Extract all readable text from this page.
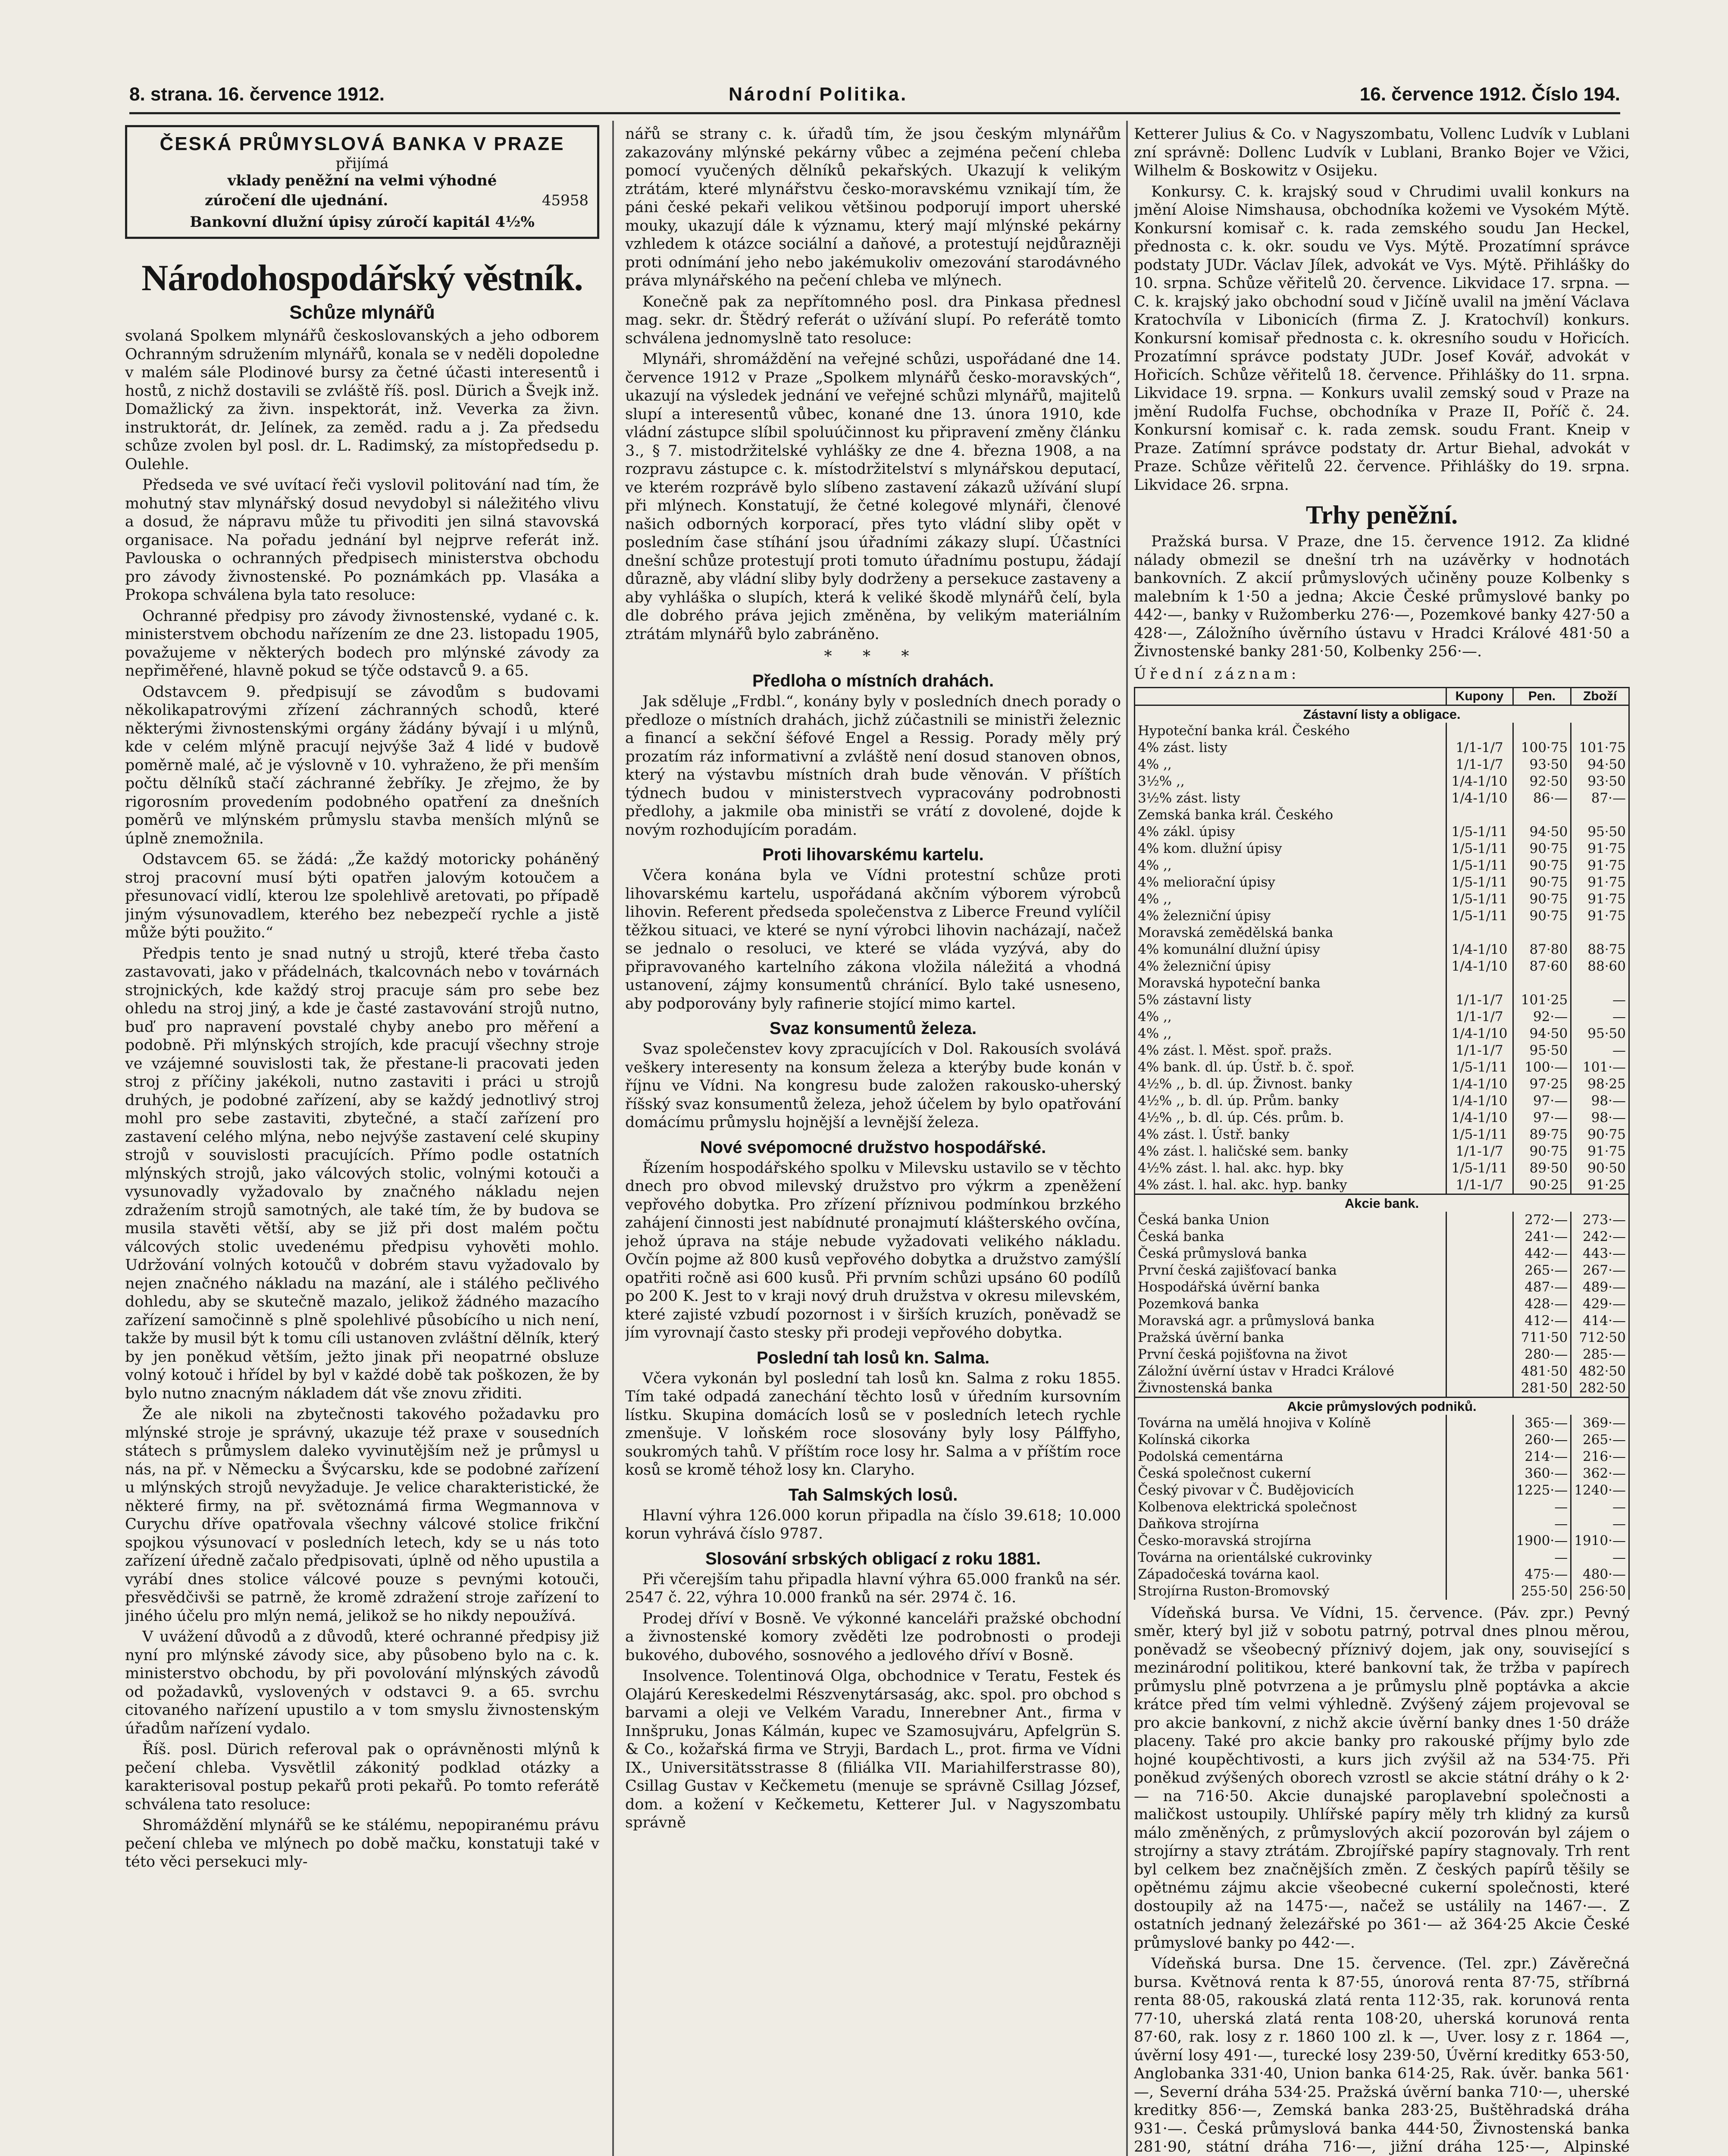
8. strana. 16. července 1912.	Národní Politika.	16. července 1912. Číslo 194.
ČESKÁ PRŮMYSLOVÁ BANKA V PRAZE
přijímá
vklady peněžní na velmi výhodné
zúročení dle ujednání.	45958
Bankovní dlužní úpisy zúročí kapitál 4½%
Národohospodářský věstník.
Schůze mlynářů

svolaná Spolkem mlynářů českoslovanských a jeho odborem Ochranným sdružením mlynářů, konala se v neděli dopoledne v malém sále Plodinové bursy za četné účasti interesentů i hostů, z nichž dostavili se zvláště říš. posl. Dürich a Švejk inž. Domažlický za živn. inspektorát, inž. Veverka za živn. instruktorát, dr. Jelínek, za zeměd. radu a j. Za předsedu schůze zvolen byl posl. dr. L. Radimský, za místopředsedu p. Oulehle.

Předseda ve své uvítací řeči vyslovil politování nad tím, že mohutný stav mlynářský dosud nevydobyl si náležitého vlivu a dosud, že nápravu může tu přivoditi jen silná stavovská organisace. Na pořadu jednání byl nejprve referát inž. Pavlouska o ochranných předpisech ministerstva obchodu pro závody živnostenské. Po poznámkách pp. Vlasáka a Prokopa schválena byla tato resoluce:

Ochranné předpisy pro závody živnostenské, vydané c. k. ministerstvem obchodu nařízením ze dne 23. listopadu 1905, považujeme v některých bodech pro mlýnské závody za nepřiměřené, hlavně pokud se týče odstavců 9. a 65.

Odstavcem 9. předpisují se závodům s budovami několikapatrovými zřízení záchranných schodů, které některými živnostenskými orgány žádány bývají i u mlýnů, kde v celém mlýně pracují nejvýše 3až 4 lidé v budově poměrně malé, ač je výslovně v 10. vyhraženo, že při menším počtu dělníků stačí záchranné žebříky. Je zřejmo, že by rigorosním provedením podobného opatření za dnešních poměrů ve mlýnském průmyslu stavba menších mlýnů se úplně znemožnila.

Odstavcem 65. se žádá: „Že každý motoricky poháněný stroj pracovní musí býti opatřen jalovým kotoučem a přesunovací vidlí, kterou lze spolehlivě aretovati, po případě jiným výsunovadlem, kterého bez nebezpečí rychle a jistě může býti použito.“

Předpis tento je snad nutný u strojů, které třeba často zastavovati, jako v přádelnách, tkalcovnách nebo v továrnách strojnických, kde každý stroj pracuje sám pro sebe bez ohledu na stroj jiný, a kde je časté zastavování strojů nutno, buď pro napravení povstalé chyby anebo pro měření a podobně. Při mlýnských strojích, kde pracují všechny stroje ve vzájemné souvislosti tak, že přestane-li pracovati jeden stroj z příčiny jakékoli, nutno zastaviti i práci u strojů druhých, je podobné zařízení, aby se každý jednotlivý stroj mohl pro sebe zastaviti, zbytečné, a stačí zařízení pro zastavení celého mlýna, nebo nejvýše zastavení celé skupiny strojů v souvislosti pracujících. Přímo podle ostatních mlýnských strojů, jako válcových stolic, volnými kotouči a vysunovadly vyžadovalo by značného nákladu nejen zdražením strojů samotných, ale také tím, že by budova se musila stavěti větší, aby se již při dost malém počtu válcových stolic uvedenému předpisu vyhověti mohlo. Udržování volných kotoučů v dobrém stavu vyžadovalo by nejen značného nákladu na mazání, ale i stálého pečlivého dohledu, aby se skutečně mazalo, jelikož žádného mazacího zařízení samočinně s plně spolehlivé působícího u nich není, takže by musil být k tomu cíli ustanoven zvláštní dělník, který by jen poněkud větším, ježto jinak při neopatrné obsluze volný kotouč i hřídel by byl v každé době tak poškozen, že by bylo nutno znacným nákladem dát vše znovu zřiditi.

Že ale nikoli na zbytečnosti takového požadavku pro mlýnské stroje je správný, ukazuje též praxe v sousedních státech s průmyslem daleko vyvinutějším než je průmysl u nás, na př. v Německu a Švýcarsku, kde se podobné zařízení u mlýnských strojů nevyžaduje. Je velice charakteristické, že některé firmy, na př. světoznámá firma Wegmannova v Curychu dříve opatřovala všechny válcové stolice frikční spojkou výsunovací v posledních letech, kdy se u nás toto zařízení úředně začalo předpisovati, úplně od něho upustila a vyrábí dnes stolice válcové pouze s pevnými kotouči, přesvědčivši se patrně, že kromě zdražení stroje zařízení to jiného účelu pro mlýn nemá, jelikož se ho nikdy nepoužívá.

V uvážení důvodů a z důvodů, které ochranné předpisy již nyní pro mlýnské závody sice, aby působeno bylo na c. k. ministerstvo obchodu, by při povolování mlýnských závodů od požadavků, vyslovených v odstavci 9. a 65. svrchu citovaného nařízení upustilo a v tom smyslu živnostenským úřadům nařízení vydalo.

Říš. posl. Dürich referoval pak o oprávněnosti mlýnů k pečení chleba. Vysvětlil zákonitý podklad otázky a karakterisoval postup pekařů proti pekařů. Po tomto referátě schválena tato resoluce:

Shromáždění mlynářů se ke stálému, nepopiranému právu pečení chleba ve mlýnech po době mačku, konstatuji také v této věci persekuci mly-

nářů se strany c. k. úřadů tím, že jsou českým mlynářům zakazovány mlýnské pekárny vůbec a zejména pečení chleba pomocí vyučených dělníků pekařských. Ukazují k velikým ztrátám, které mlynářstvu česko-moravskému vznikají tím, že páni české pekaři velikou většinou podporují import uherské mouky, ukazují dále k významu, který mají mlýnské pekárny vzhledem k otázce sociální a daňové, a protestují nejdůrazněji proti odnímání jeho nebo jakémukoliv omezování starodávného práva mlynářského na pečení chleba ve mlýnech.

Konečně pak za nepřítomného posl. dra Pinkasa přednesl mag. sekr. dr. Štědrý referát o užívání slupí. Po referátě tomto schválena jednomyslně tato resoluce:

Mlynáři, shromáždění na veřejné schůzi, uspořádané dne 14. července 1912 v Praze „Spolkem mlynářů česko-moravských“, ukazují na výsledek jednání ve veřejné schůzi mlynářů, majitelů slupí a interesentů vůbec, konané dne 13. února 1910, kde vládní zástupce slíbil spoluúčinnost ku připravení změny článku 3., § 7. mistodržitelské vyhlášky ze dne 4. března 1908, a na rozpravu zástupce c. k. místodržitelství s mlynářskou deputací, ve kterém rozprávě bylo slíbeno zastavení zákazů užívání slupí při mlýnech. Konstatují, že četné kolegové mlynáři, členové našich odborných korporací, přes tyto vládní sliby opět v posledním čase stíhání jsou úřadními zákazy slupí. Účastníci dnešní schůze protestují proti tomuto úřadnímu postupu, žádají důrazně, aby vládní sliby byly dodrženy a persekuce zastaveny a aby vyhláška o slupích, která k veliké škodě mlynářů čelí, byla dle dobrého práva jejich změněna, by velikým materiálním ztrátám mlynářů bylo zabráněno.

* * *
Předloha o místních drahách.

Jak sděluje „Frdbl.“, konány byly v posledních dnech porady o předloze o místních drahách, jichž zúčastnili se ministři železnic a financí a sekční šéfové Engel a Ressig. Porady měly prý prozatím ráz informativní a zvláště není dosud stanoven obnos, který na výstavbu místních drah bude věnován. V příštích týdnech budou v ministerstvech vypracovány podrobnosti předlohy, a jakmile oba ministři se vrátí z dovolené, dojde k novým rozhodujícím poradám.

Proti lihovarskému kartelu.

Včera konána byla ve Vídni protestní schůze proti lihovarskému kartelu, uspořádaná akčním výborem výrobců lihovin. Referent předseda společenstva z Liberce Freund vylíčil těžkou situaci, ve které se nyní výrobci lihovin nacházají, načež se jednalo o resoluci, ve které se vláda vyzývá, aby do připravovaného kartelního zákona vložila náležitá a vhodná ustanovení, zájmy konsumentů chránící. Bylo také usneseno, aby podporovány byly rafinerie stojící mimo kartel.

Svaz konsumentů železa.

Svaz společenstev kovy zpracujících v Dol. Rakousích svolává veškery interesenty na konsum železa a kterýby bude konán v říjnu ve Vídni. Na kongresu bude založen rakousko-uherský říšský svaz konsumentů železa, jehož účelem by bylo opatřování domácímu průmyslu hojnější a levnější železa.

Nové svépomocné družstvo hospodářské.

Řízením hospodářského spolku v Milevsku ustavilo se v těchto dnech pro obvod milevský družstvo pro výkrm a zpeněžení vepřového dobytka. Pro zřízení příznivou podmínkou brzkého zahájení činnosti jest nabídnuté pronajmutí klášterského ovčína, jehož úprava na stáje nebude vyžadovati velikého nákladu. Ovčín pojme až 800 kusů vepřového dobytka a družstvo zamýšlí opatřiti ročně asi 600 kusů. Při prvním schůzi upsáno 60 podílů po 200 K. Jest to v kraji nový druh družstva v okresu milevském, které zajisté vzbudí pozornost i v širších kruzích, poněvadž se jím vyrovnají často stesky při prodeji vepřového dobytka.

Poslední tah losů kn. Salma.

Včera vykonán byl poslední tah losů kn. Salma z roku 1855. Tím také odpadá zanechání těchto losů v úředním kursovním lístku. Skupina domácích losů se v posledních letech rychle zmenšuje. V loňském roce slosovány byly losy Pálffyho, soukromých tahů. V příštím roce losy hr. Salma a v příštím roce kosů se kromě téhož losy kn. Claryho.

Tah Salmských losů.

Hlavní výhra 126.000 korun připadla na číslo 39.618; 10.000 korun vyhrává číslo 9787.

Slosování srbských obligací z roku 1881.

Při včerejším tahu připadla hlavní výhra 65.000 franků na sér. 2547 č. 22, výhra 10.000 franků na sér. 2974 č. 16.

Prodej dříví v Bosně. Ve výkonné kanceláři pražské obchodní a živnostenské komory zvěděti lze podrobnosti o prodeji bukového, dubového, sosnového a jedlového dříví v Bosně.

Insolvence. Tolentinová Olga, obchodnice v Teratu, Festek és Olajárú Kereskedelmi Részvenytársaság, akc. spol. pro obchod s barvami a oleji ve Velkém Varadu, Innerebner Ant., firma v Innšpruku, Jonas Kálmán, kupec ve Szamosujváru, Apfelgrün S. & Co., kožařská firma ve Stryji, Bardach L., prot. firma ve Vídni IX., Universitätsstrasse 8 (filiálka VII. Mariahilferstrasse 80), Csillag Gustav v Kečkemetu (menuje se správně Csillag József, dom. a kožení v Kečkemetu, Ketterer Jul. v Nagyszombatu správně

Ketterer Julius & Co. v Nagyszombatu, Vollenc Ludvík v Lublani zní správně: Dollenc Ludvík v Lublani, Branko Bojer ve Vžici, Wilhelm & Boskowitz v Osijeku.

Konkursy. C. k. krajský soud v Chrudimi uvalil konkurs na jmění Aloise Nimshausa, obchodníka kožemi ve Vysokém Mýtě. Konkursní komisař c. k. rada zemského soudu Jan Heckel, přednosta c. k. okr. soudu ve Vys. Mýtě. Prozatímní správce podstaty JUDr. Václav Jílek, advokát ve Vys. Mýtě. Přihlášky do 10. srpna. Schůze věřitelů 20. července. Likvidace 17. srpna. — C. k. krajský jako obchodní soud v Jičíně uvalil na jmění Václava Kratochvíla v Libonicích (firma Z. J. Kratochvíl) konkurs. Konkursní komisař přednosta c. k. okresního soudu v Hořicích. Prozatímní správce podstaty JUDr. Josef Kovář, advokát v Hořicích. Schůze věřitelů 18. července. Přihlášky do 11. srpna. Likvidace 19. srpna. — Konkurs uvalil zemský soud v Praze na jmění Rudolfa Fuchse, obchodníka v Praze II, Poříč č. 24. Konkursní komisař c. k. rada zemsk. soudu Frant. Kneip v Praze. Zatímní správce podstaty dr. Artur Biehal, advokát v Praze. Schůze věřitelů 22. července. Přihlášky do 19. srpna. Likvidace 26. srpna.

Trhy peněžní.

Pražská bursa. V Praze, dne 15. července 1912. Za klidné nálady obmezil se dnešní trh na uzávěrky v hodnotách bankovních. Z akcií průmyslových učiněny pouze Kolbenky s malebním k 1·50 a jedna; Akcie České průmyslové banky po 442·—, banky v Ružomberku 276·—, Pozemkové banky 427·50 a 428·—, Záložního úvěrního ústavu v Hradci Králové 481·50 a Živnostenské banky 281·50, Kolbenky 256·—.

Úřední záznam:
	Kupony	Pen.	Zboží
Zástavní listy a obligace.			
Hypoteční banka král. Českého			
4% zást. listy	1/1-1/7	100·75	101·75
4% ,,	1/1-1/7	93·50	94·50
3½% ,,	1/4-1/10	92·50	93·50
3½% zást. listy	1/4-1/10	86·—	87·—
Zemská banka král. Českého			
4% zákl. úpisy	1/5-1/11	94·50	95·50
4% kom. dlužní úpisy	1/5-1/11	90·75	91·75
4% ,,	1/5-1/11	90·75	91·75
4% meliorační úpisy	1/5-1/11	90·75	91·75
4% ,,	1/5-1/11	90·75	91·75
4% železniční úpisy	1/5-1/11	90·75	91·75
Moravská zemědělská banka			
4% komunální dlužní úpisy	1/4-1/10	87·80	88·75
4% železniční úpisy	1/4-1/10	87·60	88·60
Moravská hypoteční banka			
5% zástavní listy	1/1-1/7	101·25	—
4% ,,	1/1-1/7	92·—	—
4% ,,	1/4-1/10	94·50	95·50
4% zást. l. Měst. spoř. pražs.	1/1-1/7	95·50	—
4% bank. dl. úp. Ústř. b. č. spoř.	1/5-1/11	100·—	101·—
4½% ,, b. dl. úp. Živnost. banky	1/4-1/10	97·25	98·25
4½% ,, b. dl. úp. Prům. banky	1/4-1/10	97·—	98·—
4½% ,, b. dl. úp. Cés. prům. b.	1/4-1/10	97·—	98·—
4% zást. l. Ústř. banky	1/5-1/11	89·75	90·75
4% zást. l. haličské sem. banky	1/1-1/7	90·75	91·75
4½% zást. l. hal. akc. hyp. bky	1/5-1/11	89·50	90·50
4% zást. l. hal. akc. hyp. banky	1/1-1/7	90·25	91·25
Akcie bank.			
Česká banka Union		272·—	273·—
Česká banka		241·—	242·—
Česká průmyslová banka		442·—	443·—
První česká zajišťovací banka		265·—	267·—
Hospodářská úvěrní banka		487·—	489·—
Pozemková banka		428·—	429·—
Moravská agr. a průmyslová banka		412·—	414·—
Pražská úvěrní banka		711·50	712·50
První česká pojišťovna na život		280·—	285·—
Záložní úvěrní ústav v Hradci Králové		481·50	482·50
Živnostenská banka		281·50	282·50
Akcie průmyslových podniků.			
Továrna na umělá hnojiva v Kolíně		365·—	369·—
Kolínská cikorka		260·—	265·—
Podolská cementárna		214·—	216·—
Česká společnost cukerní		360·—	362·—
Český pivovar v Č. Budějovicích		1225·—	1240·—
Kolbenova elektrická společnost		—	—
Daňkova strojírna		—	—
Česko-moravská strojírna		1900·—	1910·—
Továrna na orientálské cukrovinky		—	—
Západočeská továrna kaol.		475·—	480·—
Strojírna Ruston-Bromovský		255·50	256·50

Vídeňská bursa. Ve Vídni, 15. července. (Páv. zpr.) Pevný směr, který byl již v sobotu patrný, potrval dnes plnou měrou, poněvadž se všeobecný příznivý dojem, jak ony, související s mezinárodní politikou, které bankovní tak, že tržba v papírech průmyslu plně potvrzena a je průmyslu plně poptávka a akcie krátce před tím velmi výhledně. Zvýšený zájem projevoval se pro akcie bankovní, z nichž akcie úvěrní banky dnes 1·50 dráže placeny. Také pro akcie banky pro rakouské příjmy bylo zde hojné koupěchtivosti, a kurs jich zvýšil až na 534·75. Při poněkud zvýšených oborech vzrostl se akcie státní dráhy o k 2·— na 716·50. Akcie dunajské paroplavební společnosti a maličkost ustoupily. Uhlířské papíry měly trh klidný za kursů málo změněných, z průmyslových akcií pozorován byl zájem o strojírny a stavy ztrátám. Zbrojířské papíry stagnovaly. Trh rent byl celkem bez značnějších změn. Z českých papírů těšily se opětnému zájmu akcie všeobecné cukerní společnosti, které dostoupily až na 1475·—, načež se ustálily na 1467·—. Z ostatních jednaný železářské po 361·— až 364·25 Akcie České průmyslové banky po 442·—.

Vídeňská bursa. Dne 15. července. (Tel. zpr.) Závěrečná bursa. Květnová renta k 87·55, únorová renta 87·75, stříbrná renta 88·05, rakouská zlatá renta 112·35, rak. korunová renta 77·10, uherská zlatá renta 108·20, uherská korunová renta 87·60, rak. losy z r. 1860 100 zl. k —, Uver. losy z r. 1864 —, úvěrní losy 491·—, turecké losy 239·50, Úvěrní kreditky 653·50, Anglobanka 331·40, Union banka 614·25, Rak. úvěr. banka 561·—, Severní dráha 534·25. Pražská úvěrní banka 710·—, uherské kreditky 856·—, Zemská banka 283·25, Buštěhradská dráha 931·—. Česká průmyslová banka 444·50, Živnostenská banka 281·90, státní dráha 716·—, jižní dráha 125·—, Alpinské
